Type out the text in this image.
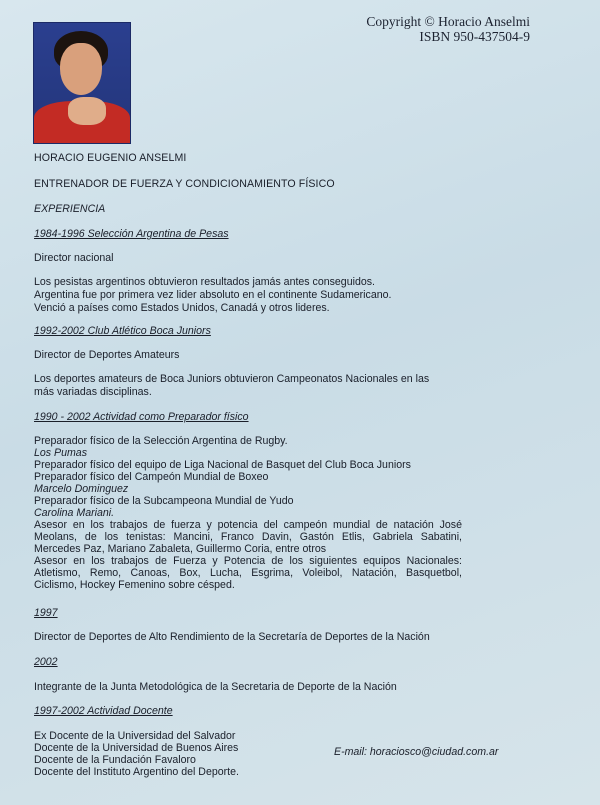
Copyright © Horacio Anselmi
ISBN 950-437504-9
HORACIO EUGENIO ANSELMI
ENTRENADOR DE FUERZA Y CONDICIONAMIENTO FÍSICO
EXPERIENCIA
1984-1996 Selección Argentina de Pesas
Director nacional
Los pesistas argentinos obtuvieron resultados jamás antes conseguidos.
Argentina fue por primera vez lider absoluto en el continente Sudamericano.
Venció a países como Estados Unidos, Canadá y otros lideres.
1992-2002 Club Atlético Boca Juniors
Director de Deportes Amateurs
Los deportes amateurs de Boca Juniors obtuvieron Campeonatos Nacionales en las
más variadas disciplinas.
1990 - 2002 Actividad como Preparador físico
Preparador físico de la Selección Argentina de Rugby.
Los Pumas
Preparador físico del equipo de Liga Nacional de Basquet del Club Boca Juniors
Preparador físico del Campeón Mundial de Boxeo
Marcelo Dominguez
Preparador físico de la Subcampeona Mundial de Yudo
Carolina Mariani.
Asesor en los trabajos de fuerza y potencia del campeón mundial de natación José
Meolans, de los tenistas: Mancini, Franco Davin, Gastón Etlis, Gabriela Sabatini,
Mercedes Paz, Mariano Zabaleta, Guillermo Coria, entre otros
Asesor en los trabajos de Fuerza y Potencia de los siguientes equipos Nacionales:
Atletismo, Remo, Canoas, Box, Lucha, Esgrima, Voleibol, Natación, Basquetbol,
Ciclismo, Hockey Femenino sobre césped.
1997
Director de Deportes de Alto Rendimiento de la Secretaría de Deportes de la Nación
2002
Integrante de la Junta Metodológica de la Secretaria de Deporte de la Nación
1997-2002 Actividad Docente
Ex Docente de la Universidad del Salvador
Docente de la Universidad de Buenos Aires
Docente de la Fundación Favaloro
Docente del Instituto Argentino del Deporte.
E-mail: horaciosco@ciudad.com.ar
